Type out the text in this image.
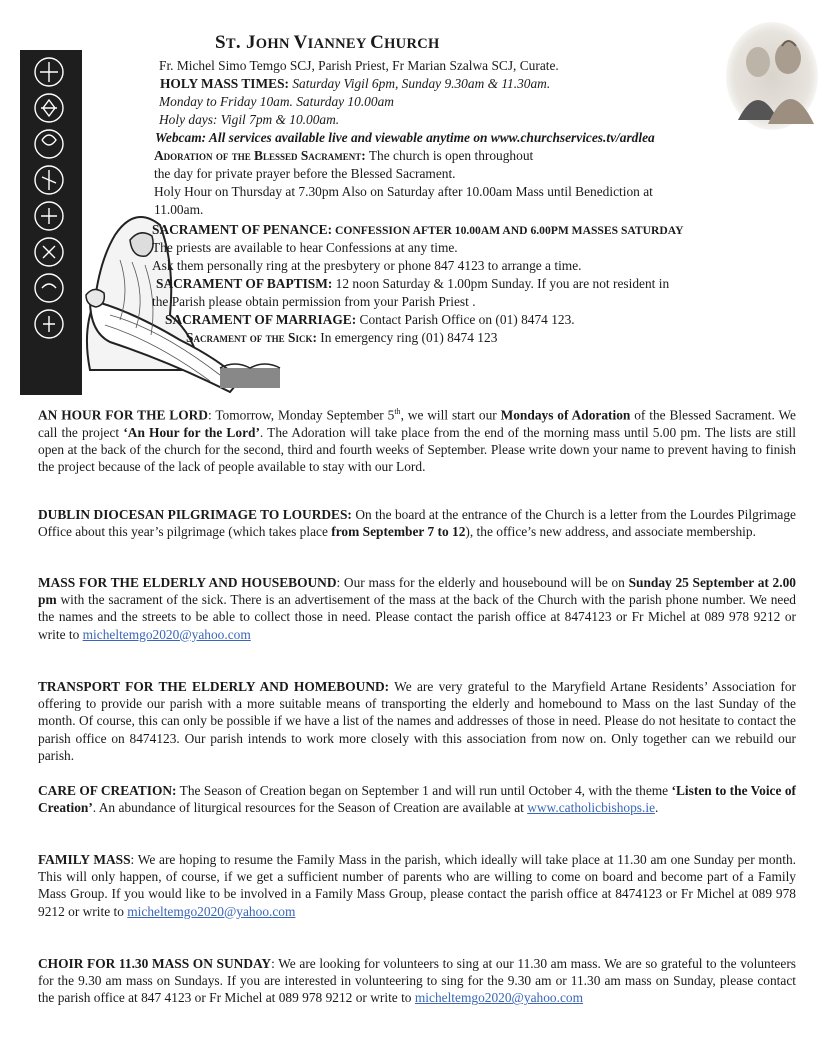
ST. JOHN VIANNEY CHURCH
Fr. Michel Simo Temgo SCJ, Parish Priest, Fr Marian Szalwa SCJ, Curate.
HOLY MASS TIMES: Saturday Vigil 6pm, Sunday 9.30am & 11.30am.
Monday to Friday 10am. Saturday 10.00am
Holy days: Vigil 7pm & 10.00am.
Webcam: All services available live and viewable anytime on www.churchservices.tv/ardlea
Adoration of the Blessed Sacrament: The church is open throughout
the day for private prayer before the Blessed Sacrament.
Holy Hour on Thursday at 7.30pm Also on Saturday after 10.00am Mass until Benediction at
11.00am.
SACRAMENT OF PENANCE: CONFESSION AFTER 10.00AM AND 6.00PM MASSES SATURDAY
The priests are available to hear Confessions at any time.
Ask them personally ring at the presbytery or phone 847 4123 to arrange a time.
SACRAMENT OF BAPTISM: 12 noon Saturday & 1.00pm Sunday. If you are not resident in
the Parish please obtain permission from your Parish Priest .
SACRAMENT OF MARRIAGE: Contact Parish Office on (01) 8474 123.
Sacrament of the Sick: In emergency ring (01) 8474 123
AN HOUR FOR THE LORD: Tomorrow, Monday September 5th, we will start our Mondays of Adoration of the Blessed Sacrament. We call the project ‘An Hour for the Lord’. The Adoration will take place from the end of the morning mass until 5.00 pm. The lists are still open at the back of the church for the second, third and fourth weeks of September. Please write down your name to prevent having to finish the project because of the lack of people available to stay with our Lord.
DUBLIN DIOCESAN PILGRIMAGE TO LOURDES: On the board at the entrance of the Church is a letter from the Lourdes Pilgrimage Office about this year’s pilgrimage (which takes place from September 7 to 12), the office’s new address, and associate membership.
MASS FOR THE ELDERLY AND HOUSEBOUND: Our mass for the elderly and housebound will be on Sunday 25 September at 2.00 pm with the sacrament of the sick. There is an advertisement of the mass at the back of the Church with the parish phone number. We need the names and the streets to be able to collect those in need. Please contact the parish office at 8474123 or Fr Michel at 089 978 9212 or write to micheltemgo2020@yahoo.com
TRANSPORT FOR THE ELDERLY AND HOMEBOUND: We are very grateful to the Maryfield Artane Residents’ Association for offering to provide our parish with a more suitable means of transporting the elderly and homebound to Mass on the last Sunday of the month. Of course, this can only be possible if we have a list of the names and addresses of those in need. Please do not hesitate to contact the parish office on 8474123. Our parish intends to work more closely with this association from now on. Only together can we rebuild our parish.
CARE OF CREATION: The Season of Creation began on September 1 and will run until October 4, with the theme ‘Listen to the Voice of Creation’. An abundance of liturgical resources for the Season of Creation are available at www.catholicbishops.ie.
FAMILY MASS: We are hoping to resume the Family Mass in the parish, which ideally will take place at 11.30 am one Sunday per month. This will only happen, of course, if we get a sufficient number of parents who are willing to come on board and become part of a Family Mass Group. If you would like to be involved in a Family Mass Group, please contact the parish office at 8474123 or Fr Michel at 089 978 9212 or write to micheltemgo2020@yahoo.com
CHOIR FOR 11.30 MASS ON SUNDAY: We are looking for volunteers to sing at our 11.30 am mass. We are so grateful to the volunteers for the 9.30 am mass on Sundays. If you are interested in volunteering to sing for the 9.30 am or 11.30 am mass on Sunday, please contact the parish office at 847 4123 or Fr Michel at 089 978 9212 or write to micheltemgo2020@yahoo.com
